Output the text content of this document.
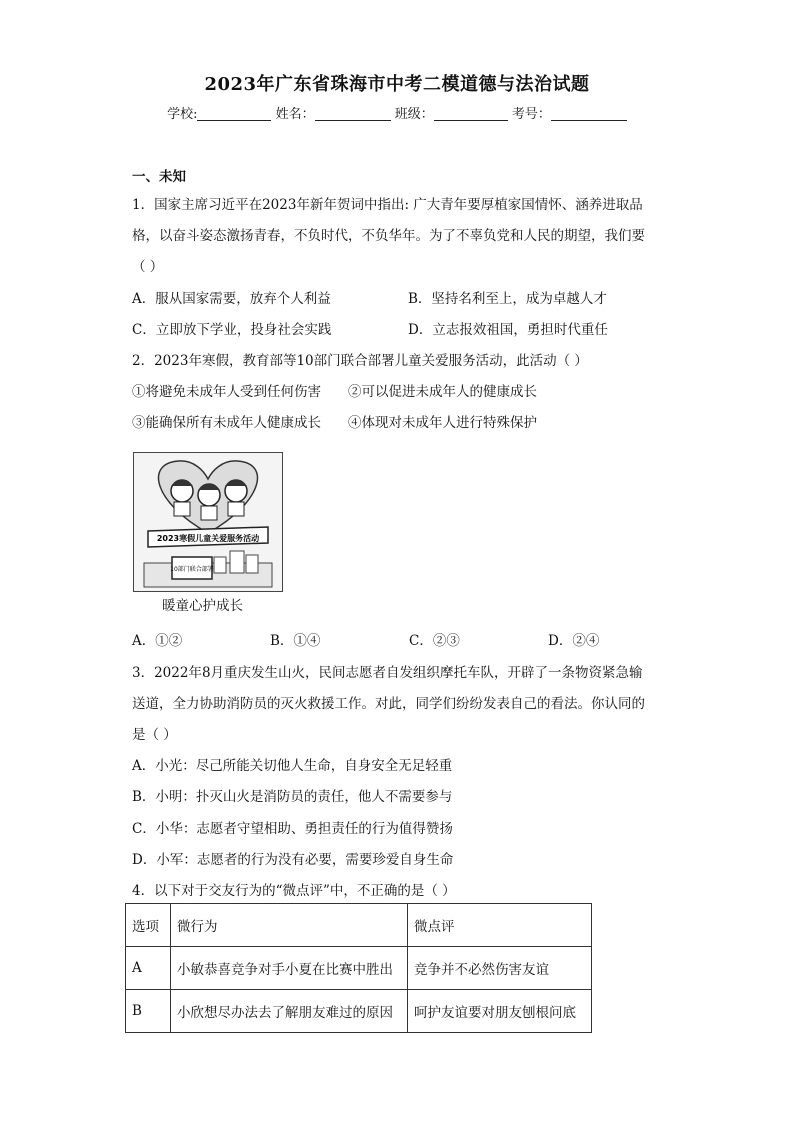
2023年广东省珠海市中考二模道德与法治试题
学校:	姓名：	班级：	考号：
一、未知
1．国家主席习近平在2023年新年贺词中指出: 广大青年要厚植家国情怀、涵养进取品
格，以奋斗姿态激扬青春，不负时代，不负华年。为了不辜负党和人民的期望，我们要
（ ）
A．服从国家需要，放弃个人利益	B．坚持名利至上，成为卓越人才
C．立即放下学业，投身社会实践	D．立志报效祖国，勇担时代重任
2．2023年寒假，教育部等10部门联合部署儿童关爱服务活动，此活动（ ）
①将避免未成年人受到任何伤害 ②可以促进未成年人的健康成长
③能确保所有未成年人健康成长 ④体现对未成年人进行特殊保护
2023寒假儿童关爱服务活动
10部门联合部署
暖童心护成长
A．①②	B．①④	C．②③	D．②④
3．2022年8月重庆发生山火，民间志愿者自发组织摩托车队，开辟了一条物资紧急输
送道，全力协助消防员的灭火救援工作。对此，同学们纷纷发表自己的看法。你认同的
是（ ）
A．小光：尽己所能关切他人生命，自身安全无足轻重
B．小明：扑灭山火是消防员的责任，他人不需要参与
C．小华：志愿者守望相助、勇担责任的行为值得赞扬
D．小军：志愿者的行为没有必要，需要珍爱自身生命
4．以下对于交友行为的“微点评”中，不正确的是（ ）
选项	微行为	微点评
A	小敏恭喜竞争对手小夏在比赛中胜出	竞争并不必然伤害友谊
B	小欣想尽办法去了解朋友难过的原因	呵护友谊要对朋友刨根问底
